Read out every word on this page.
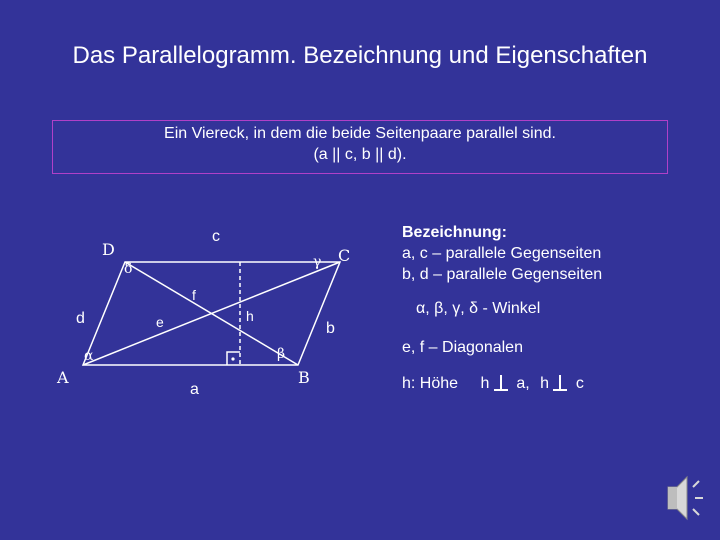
Das Parallelogramm. Bezeichnung und Eigenschaften
Ein Viereck, in dem die beide Seitenpaare parallel sind.
(a || c, b || d).
A	B
C
D
a
b
c
d
α	β
γ
δ
e
f
h
Bezeichnung:
a, c – parallele Gegenseiten
b, d – parallele Gegenseiten
α, β, γ, δ - Winkel
e, f – Diagonalen
h: Höhe h a, h c
